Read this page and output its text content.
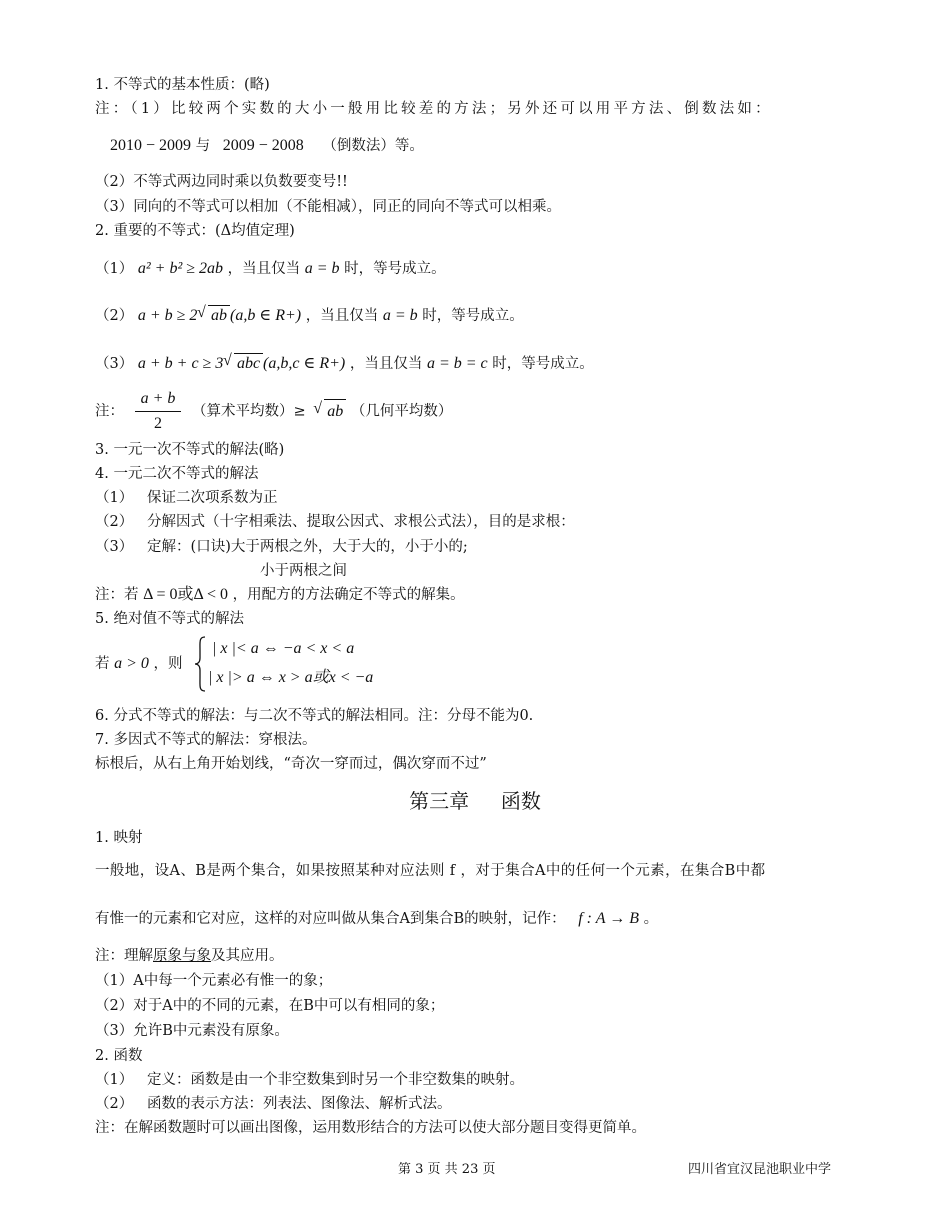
1. 不等式的基本性质：(略)
注：（1）比较两个实数的大小一般用比较差的方法；另外还可以用平方法、倒数法如：
2010 − 2009 与 2009 − 2008 （倒数法）等。
（2）不等式两边同时乘以负数要变号!!
（3）同向的不等式可以相加（不能相减），同正的同向不等式可以相乘。
2. 重要的不等式：(Δ均值定理)
（1） a² + b² ≥ 2ab ，当且仅当 a = b 时，等号成立。
（2） a + b ≥ 2 √ ab (a,b ∈ R+) ，当且仅当 a = b 时，等号成立。
（3） a + b + c ≥ 3 √ abc (a,b,c ∈ R+) ，当且仅当 a = b = c 时，等号成立。
注： $\frac{a + b}{2}$ （算术平均数）≥ √ ab （几何平均数）
3. 一元一次不等式的解法(略)
4. 一元二次不等式的解法
（1）   保证二次项系数为正
（2）   分解因式（十字相乘法、提取公因式、求根公式法），目的是求根：
（3）   定解：(口诀)大于两根之外，大于大的，小于小的;
小于两根之间
注：若 Δ = 0或Δ < 0 ，用配方的方法确定不等式的解集。
5. 绝对值不等式的解法
若 a > 0 ，则
| x |< a ⇔ −a < x < a
| x |> a ⇔ x > a或x < −a
6. 分式不等式的解法：与二次不等式的解法相同。注：分母不能为0.
7. 多因式不等式的解法：穿根法。
标根后，从右上角开始划线，“奇次一穿而过，偶次穿而不过”
第三章     函数
1. 映射
一般地，设A、B是两个集合，如果按照某种对应法则 f ，对于集合A中的任何一个元素，在集合B中都
有惟一的元素和它对应，这样的对应叫做从集合A到集合B的映射，记作： f : A → B 。
注：理解原象与象及其应用。
（1）A中每一个元素必有惟一的象；
（2）对于A中的不同的元素，在B中可以有相同的象；
（3）允许B中元素没有原象。
2. 函数
（1）   定义：函数是由一个非空数集到时另一个非空数集的映射。
（2）   函数的表示方法：列表法、图像法、解析式法。
注：在解函数题时可以画出图像，运用数形结合的方法可以使大部分题目变得更简单。
第 3 页 共 23 页	四川省宜汉昆池职业中学
